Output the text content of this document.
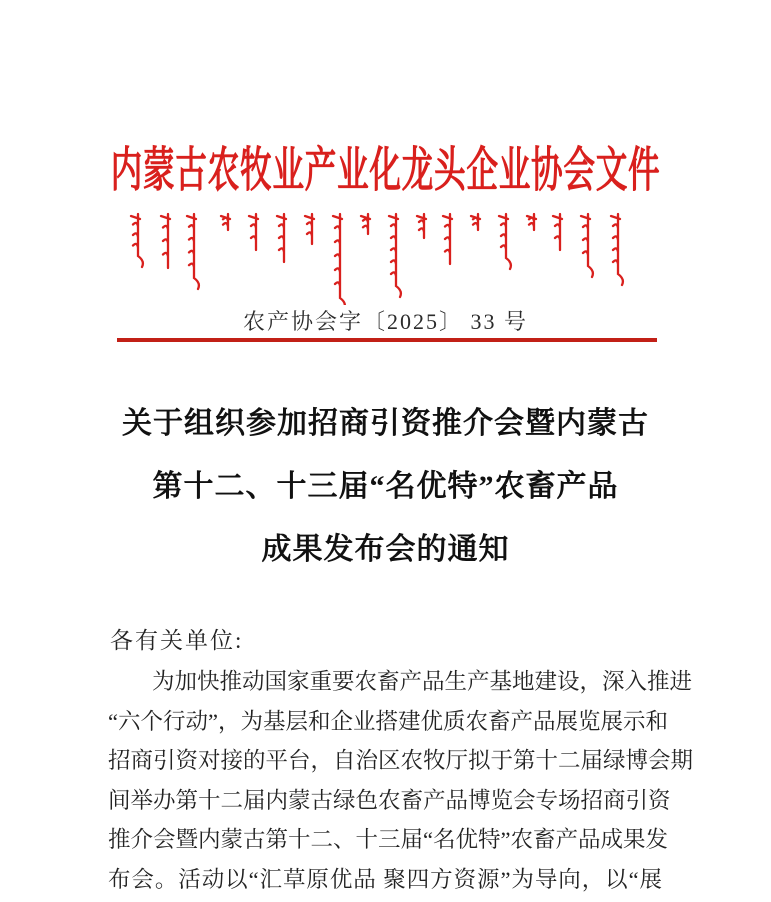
内蒙古农牧业产业化龙头企业协会文件
农产协会字〔2025〕 33 号
关于组织参加招商引资推介会暨内蒙古
第十二、十三届“名优特”农畜产品
成果发布会的通知
各有关单位:
为加快推动国家重要农畜产品生产基地建设，深入推进
“六个行动”，为基层和企业搭建优质农畜产品展览展示和
招商引资对接的平台，自治区农牧厅拟于第十二届绿博会期
间举办第十二届内蒙古绿色农畜产品博览会专场招商引资
推介会暨内蒙古第十二、十三届“名优特”农畜产品成果发
布会。活动以“汇草原优品 聚四方资源”为导向，以“展
